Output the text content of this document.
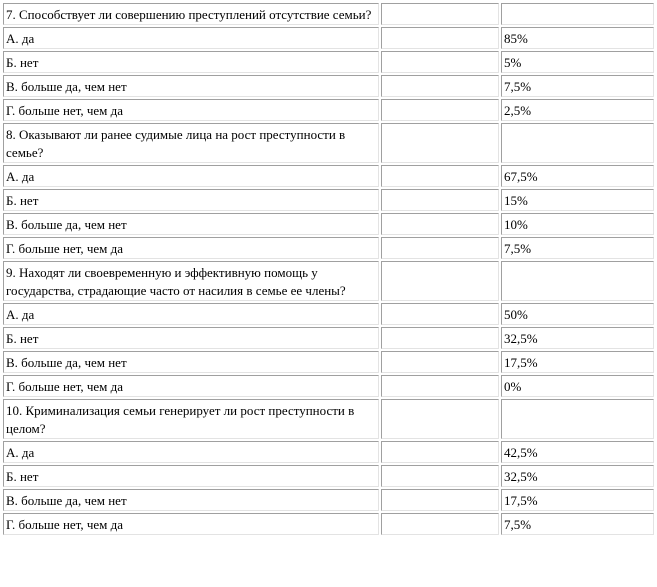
7. Способствует ли совершению преступлений отсутствие семьи?		

А. да		85%

Б. нет		5%

В. больше да, чем нет		7,5%

Г. больше нет, чем да		2,5%

8. Оказывают ли ранее судимые лица на рост преступности в семье?		

А. да		67,5%

Б. нет		15%

В. больше да, чем нет		10%

Г. больше нет, чем да		7,5%

9. Находят ли своевременную и эффективную помощь у государства, страдающие часто от насилия в семье ее члены?		

А. да		50%

Б. нет		32,5%

В. больше да, чем нет		17,5%

Г. больше нет, чем да		0%

10. Криминализация семьи генерирует ли рост преступности в целом?		

А. да		42,5%

Б. нет		32,5%

В. больше да, чем нет		17,5%

Г. больше нет, чем да		7,5%
